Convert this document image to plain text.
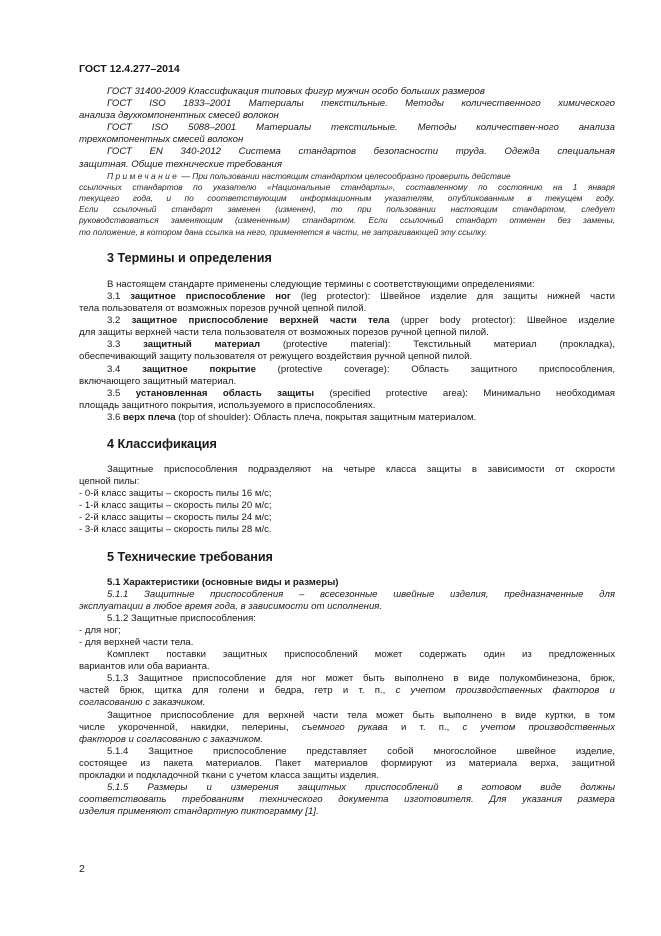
ГОСТ 12.4.277–2014

ГОСТ 31400-2009 Классификация типовых фигур мужчин особо больших размеров

ГОСТ ISO 1833–2001 Материалы текстильные. Методы количественного химического

анализа двухкомпонентных смесей волокон

ГОСТ ISO 5088–2001 Материалы текстильные. Методы количествен-ного анализа

трехкомпонентных смесей волокон

ГОСТ EN 340-2012 Система стандартов безопасности труда. Одежда специальная

защитная. Общие технические требования

Примечание — При пользовании настоящим стандартом целесообразно проверить действие

ссылочных стандартов по указателю «Национальные стандарты», составленному по состоянию на 1 января

текущего года, и по соответствующим информационным указателям, опубликованным в текущем году.

Если ссылочный стандарт заменен (изменен), то при пользовании настоящим стандартом, следует

руководствоваться заменяющим (измененным) стандартом. Если ссылочный стандарт отменен без замены,

то положение, в котором дана ссылка на него, применяется в части, не затрагивающей эту ссылку.

3 Термины и определения

В настоящем стандарте применены следующие термины с соответствующими определениями:

3.1 защитное приспособление ног (leg protector): Швейное изделие для защиты нижней части

тела пользователя от возможных порезов ручной цепной пилой.

3.2 защитное приспособление верхней части тела (upper body protector): Швейное изделие

для защиты верхней части тела пользователя от возможных порезов ручной цепной пилой.

3.3 защитный материал (protective material): Текстильный материал (прокладка),

обеспечивающий защиту пользователя от режущего воздействия ручной цепной пилой.

3.4 защитное покрытие (protective coverage): Область защитного приспособления,

включающего защитный материал.

3.5 установленная область защиты (specified protective area): Минимально необходимая

площадь защитного покрытия, используемого в приспособлениях.

3.6 верх плеча (top of shoulder): Область плеча, покрытая защитным материалом.

4 Классификация

Защитные приспособления подразделяют на четыре класса защиты в зависимости от скорости

цепной пилы:

- 0-й класс защиты – скорость пилы 16 м/с;

- 1-й класс защиты – скорость пилы 20 м/с;

- 2-й класс защиты – скорость пилы 24 м/с;

- 3-й класс защиты – скорость пилы 28 м/с.

5 Технические требования
5.1 Характеристики (основные виды и размеры)

5.1.1 Защитные приспособления – всесезонные швейные изделия, предназначенные для

эксплуатации в любое время года, в зависимости от исполнения.

5.1.2 Защитные приспособления:

- для ног;

- для верхней части тела.

Комплект поставки защитных приспособлений может содержать один из предложенных

вариантов или оба варианта.

5.1.3 Защитное приспособление для ног может быть выполнено в виде полукомбинезона, брюк,

частей брюк, щитка для голени и бедра, гетр и т. п., с учетом производственных факторов и

согласованию с заказчиком.

Защитное приспособление для верхней части тела может быть выполнено в виде куртки, в том

числе укороченной, накидки, пелерины, съемного рукава и т. п., с учетом производственных

факторов и согласованию с заказчиком.

5.1.4 Защитное приспособление представляет собой многослойное швейное изделие,

состоящее из пакета материалов. Пакет материалов формируют из материала верха, защитной

прокладки и подкладочной ткани с учетом класса защиты изделия.

5.1.5 Размеры и измерения защитных приспособлений в готовом виде должны

соответствовать требованиям технического документа изготовителя. Для указания размера

изделия применяют стандартную пиктограмму [1].

2
